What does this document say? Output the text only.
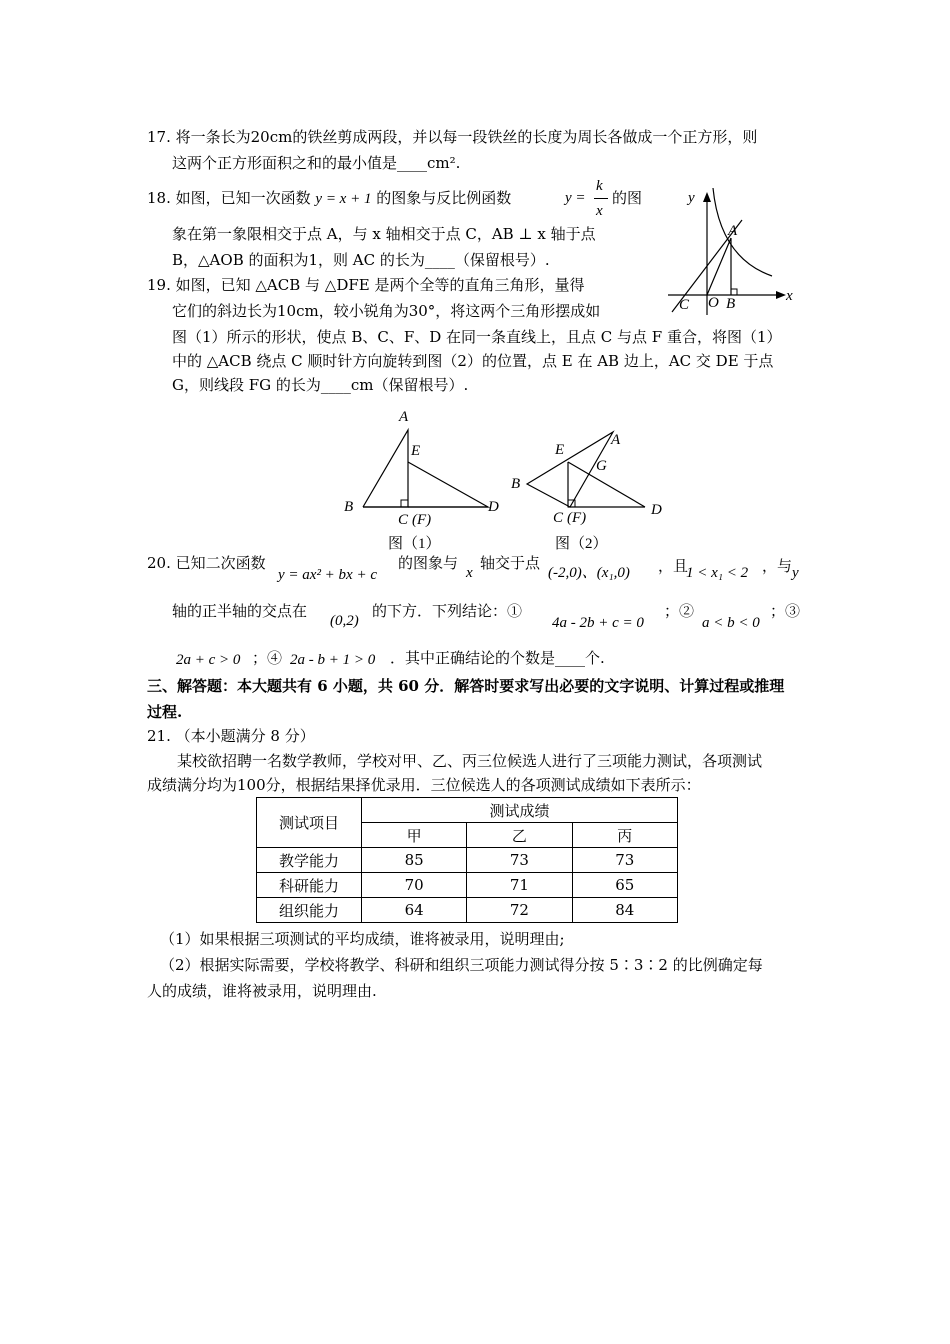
17. 将一条长为20cm的铁丝剪成两段，并以每一段铁丝的长度为周长各做成一个正方形，则
这两个正方形面积之和的最小值是____cm².
18. 如图，已知一次函数 y = x + 1 的图象与反比例函数	y =
k
x
的图
象在第一象限相交于点 A，与 x 轴相交于点 C，AB ⊥ x 轴于点
B，△AOB 的面积为1，则 AC 的长为____（保留根号）.
y
x
A
C O B
19. 如图，已知 △ACB 与 △DFE 是两个全等的直角三角形，量得
它们的斜边长为10cm，较小锐角为30°，将这两个三角形摆成如
图（1）所示的形状，使点 B、C、F、D 在同一条直线上，且点 C 与点 F 重合，将图（1）
中的 △ACB 绕点 C 顺时针方向旋转到图（2）的位置，点 E 在 AB 边上，AC 交 DE 于点
G，则线段 FG 的长为____cm（保留根号）.
A
E
B
C (F)
D
图（1）
A
E
G
B
C (F)	D
图（2）
20. 已知二次函数
y = ax² + bx + c
的图象与
x
轴交于点
(-2,0)、(x₁,0) ，且
1 < x₁ < 2 ，与 y
轴的正半轴的交点在
(0,2)
的下方．下列结论：①
4a - 2b + c = 0
；②
a < b < 0
；③
2a + c > 0 ；④ 2a - b + 1 > 0 ．其中正确结论的个数是____个.
三、解答题：本大题共有 6 小题，共 60 分．解答时要求写出必要的文字说明、计算过程或推理
过程.
21. （本小题满分 8 分）
某校欲招聘一名数学教师，学校对甲、乙、丙三位候选人进行了三项能力测试，各项测试
成绩满分均为100分，根据结果择优录用．三位候选人的各项测试成绩如下表所示：
测试项目	测试成绩		
	甲	乙	丙
教学能力	85	73	73
科研能力	70	71	65
组织能力	64	72	84
（1）如果根据三项测试的平均成绩，谁将被录用，说明理由;
（2）根据实际需要，学校将教学、科研和组织三项能力测试得分按 5∶3∶2 的比例确定每
人的成绩，谁将被录用，说明理由.
